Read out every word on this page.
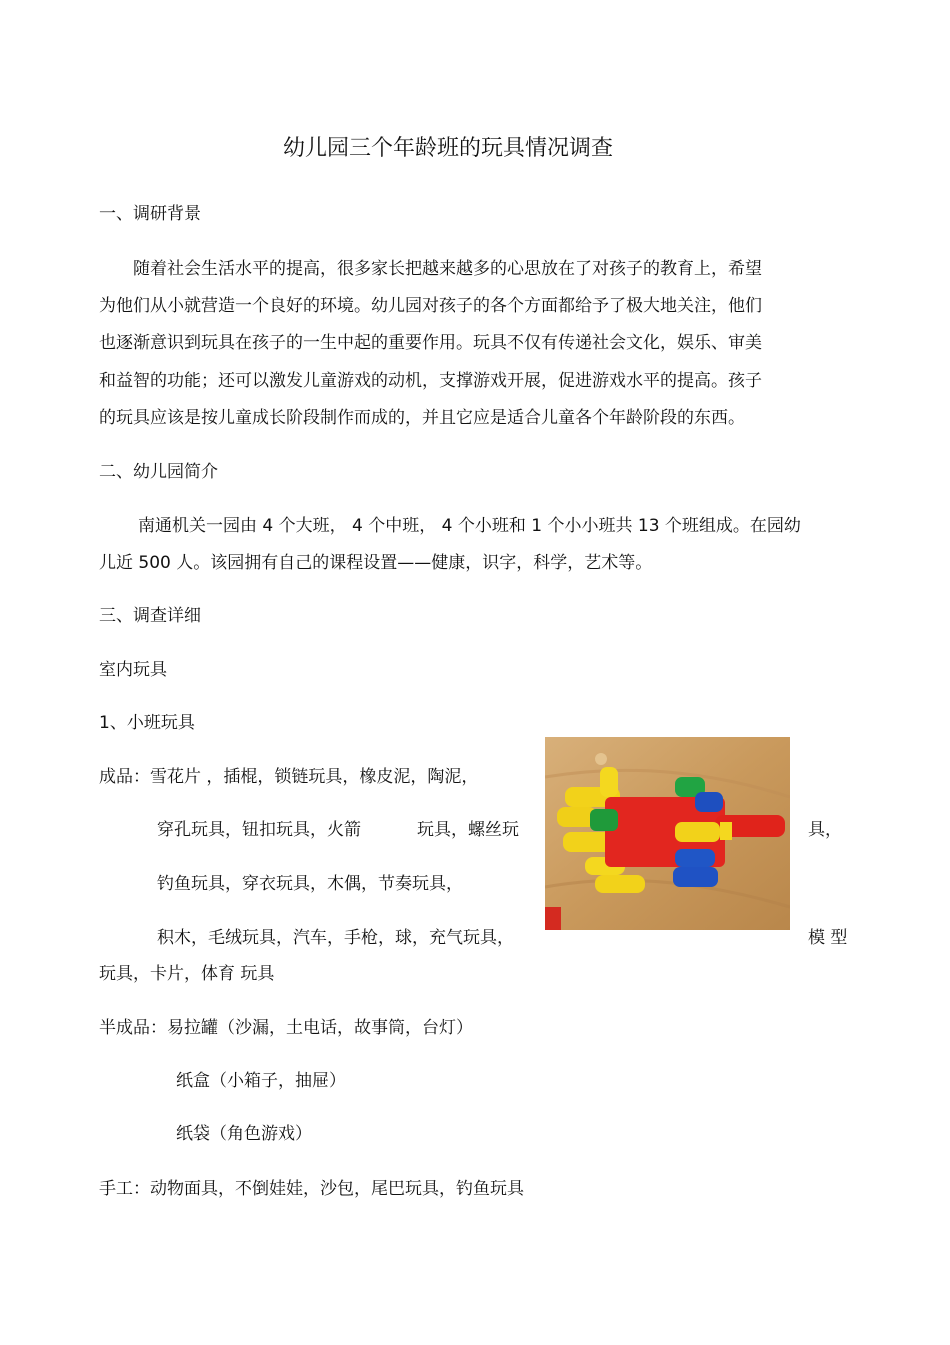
幼儿园三个年龄班的玩具情况调查
一、调研背景
随着社会生活水平的提高，很多家长把越来越多的心思放在了对孩子的教育上，希望
为他们从小就营造一个良好的环境。幼儿园对孩子的各个方面都给予了极大地关注，他们
也逐渐意识到玩具在孩子的一生中起的重要作用。玩具不仅有传递社会文化，娱乐、审美
和益智的功能；还可以激发儿童游戏的动机，支撑游戏开展，促进游戏水平的提高。孩子
的玩具应该是按儿童成长阶段制作而成的，并且它应是适合儿童各个年龄阶段的东西。
二、幼儿园简介
南通机关一园由 4 个大班， 4 个中班， 4 个小班和 1 个小小班共 13 个班组成。在园幼
儿近 500 人。该园拥有自己的课程设置——健康，识字，科学，艺术等。
三、调查详细
室内玩具
1、小班玩具
成品：雪花片 ，插棍，锁链玩具，橡皮泥，陶泥，
穿孔玩具，钮扣玩具，火箭	玩具，螺丝玩	具，
钓鱼玩具，穿衣玩具，木偶，节奏玩具，
积木，毛绒玩具，汽车，手枪，球，充气玩具，	模 型
玩具，卡片，体育 玩具
半成品：易拉罐（沙漏，土电话，故事筒，台灯）
纸盒（小箱子，抽屉）
纸袋（角色游戏）
手工：动物面具，不倒娃娃，沙包，尾巴玩具，钓鱼玩具
